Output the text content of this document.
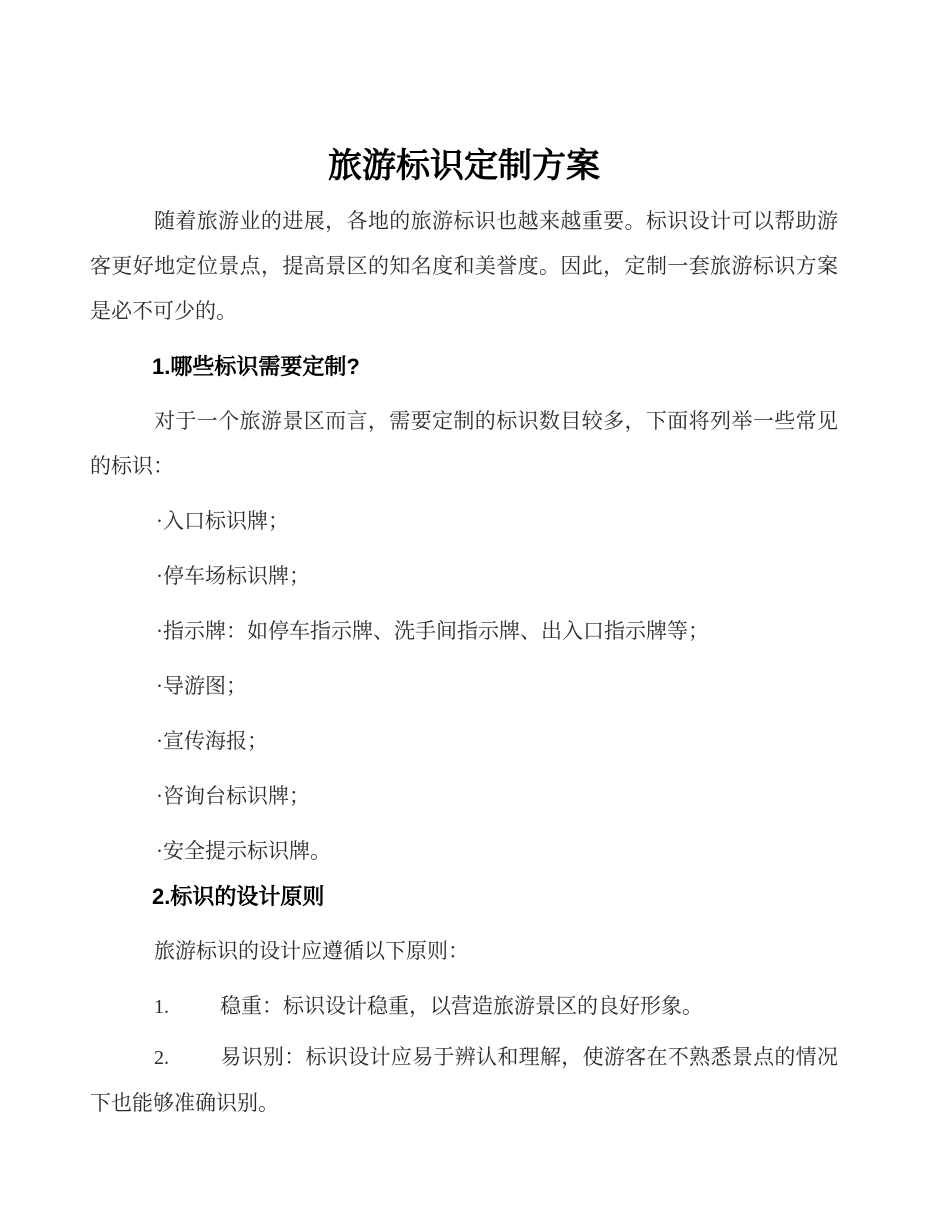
旅游标识定制方案
随着旅游业的进展，各地的旅游标识也越来越重要。标识设计可以帮助游客更好地定位景点，提高景区的知名度和美誉度。因此，定制一套旅游标识方案是必不可少的。
1.哪些标识需要定制?
对于一个旅游景区而言，需要定制的标识数目较多，下面将列举一些常见的标识：
·入口标识牌；
·停车场标识牌；
·指示牌：如停车指示牌、洗手间指示牌、出入口指示牌等；
·导游图；
·宣传海报；
·咨询台标识牌；
·安全提示标识牌。
2.标识的设计原则
旅游标识的设计应遵循以下原则：
1. 稳重：标识设计稳重，以营造旅游景区的良好形象。
2. 易识别：标识设计应易于辨认和理解，使游客在不熟悉景点的情况下也能够准确识别。
